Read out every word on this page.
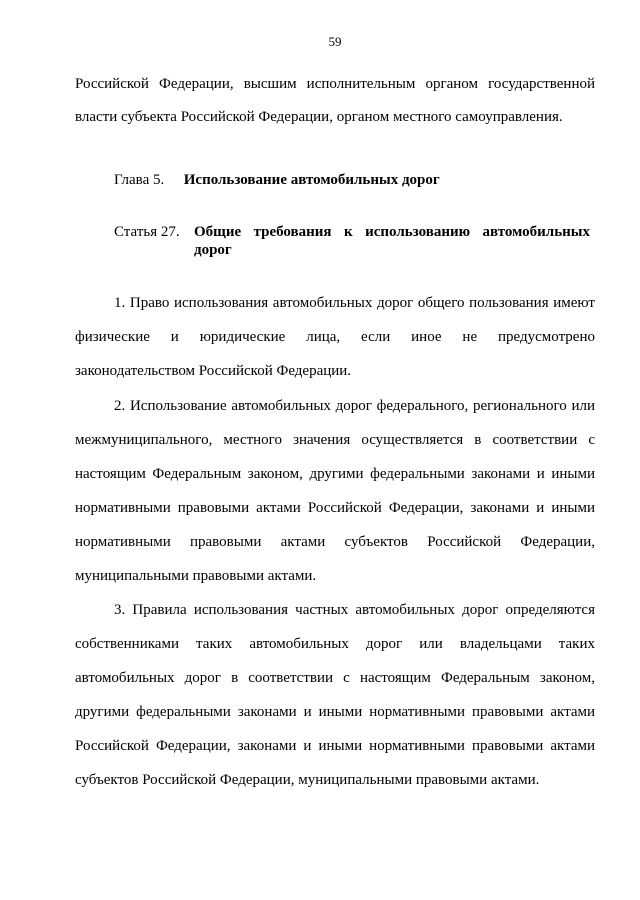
59

Российской Федерации, высшим исполнительным органом государственной власти субъекта Российской Федерации, органом местного самоуправления.

Глава 5. Использование автомобильных дорог
Статья 27. Общие требования к использованию автомобильных дорог

1. Право использования автомобильных дорог общего пользования имеют физические и юридические лица, если иное не предусмотрено законодательством Российской Федерации.

2. Использование автомобильных дорог федерального, регионального или межмуниципального, местного значения осуществляется в соответствии с настоящим Федеральным законом, другими федеральными законами и иными нормативными правовыми актами Российской Федерации, законами и иными нормативными правовыми актами субъектов Российской Федерации, муниципальными правовыми актами.

3. Правила использования частных автомобильных дорог определяются собственниками таких автомобильных дорог или владельцами таких автомобильных дорог в соответствии с настоящим Федеральным законом, другими федеральными законами и иными нормативными правовыми актами Российской Федерации, законами и иными нормативными правовыми актами субъектов Российской Федерации, муниципальными правовыми актами.
